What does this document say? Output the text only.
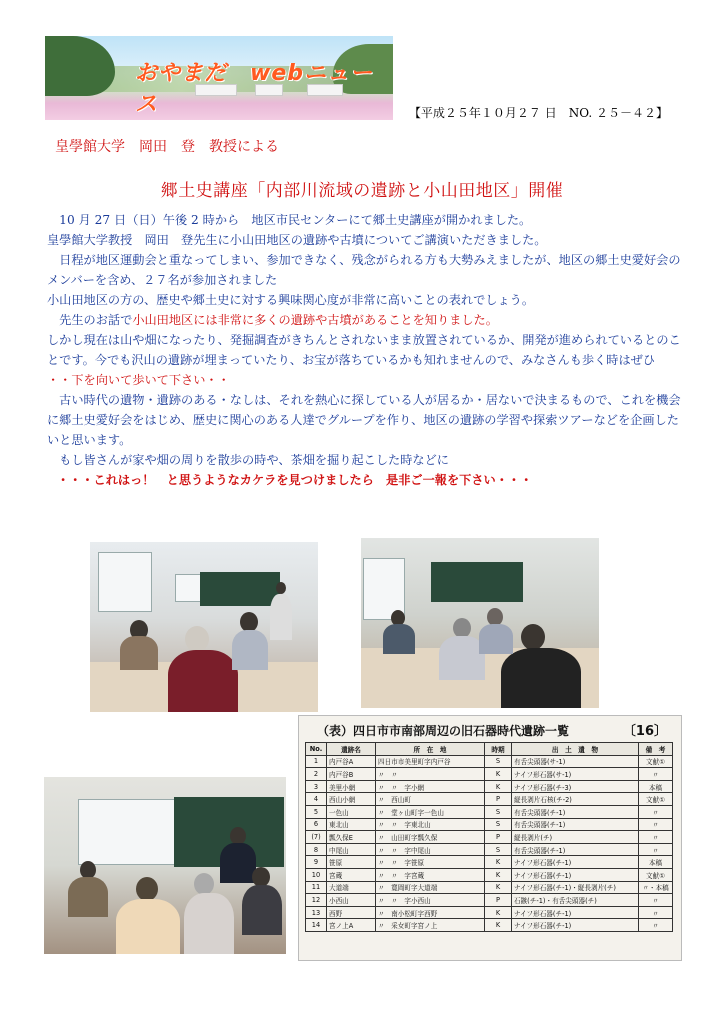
おやまだ　webニュース	【平成２５年１０月２７ 日　NO. ２５－４２】
皇學館大学　岡田　登　教授による
郷土史講座「内部川流域の遺跡と小山田地区」開催

　10 月 27 日（日）午後 2 時から　地区市民センターにて郷土史講座が開かれました。

皇學館大学教授　岡田　登先生に小山田地区の遺跡や古墳についてご講演いただきました。

　日程が地区運動会と重なってしまい、参加できなく、残念がられる方も大勢みえましたが、地区の郷土史愛好会のメンバーを含め、２７名が参加されました

小山田地区の方の、歴史や郷土史に対する興味関心度が非常に高いことの表れでしょう。

　先生のお話で小山田地区には非常に多くの遺跡や古墳があることを知りました。

しかし現在は山や畑になったり、発掘調査がきちんとされないまま放置されているか、開発が進められているとのことです。今でも沢山の遺跡が埋まっていたり、お宝が落ちているかも知れませんので、みなさんも歩く時はぜひ　・・下を向いて歩いて下さい・・

　古い時代の遺物・遺跡のある・なしは、それを熱心に探している人が居るか・居ないで決まるもので、これを機会に郷土史愛好会をはじめ、歴史に関心のある人達でグループを作り、地区の遺跡の学習や探索ツアーなどを企画したいと思います。

　もし皆さんが家や畑の周りを散歩の時や、茶畑を掘り起こした時などに

・・・これはっ！　と思うようなカケラを見つけましたら　是非ご一報を下さい・・・

（表）四日市市南部周辺の旧石器時代遺跡一覧	〔16〕
No.	遺跡名	所　在　地	時期	出　土　遺　物	備　考
1	内戸谷A	四日市市美里町字内戸谷	S	有舌尖頭器(サ-1)	文献①
2	内戸谷B	〃　〃	K	ナイフ形石器(サ-1)	〃
3	美里小網	〃　〃　字小網	K	ナイフ形石器(チ-3)	本稿
4	西山小網	〃　西山町	P	縦長剥片石核(チ-2)	文献①
5	一色山	〃　堂ヶ山町字一色山	S	有舌尖頭器(チ-1)	〃
6	東北山	〃　〃　字東北山	S	有舌尖頭器(チ-1)	〃
(7)	瓢久保E	〃　山田町字瓢久保	P	縦長剥片(チ)	〃
8	中尾山	〃　〃　字中尾山	S	有舌尖頭器(チ-1)	〃
9	笹原	〃　〃　字笹原	K	ナイフ形石器(チ-1)	本稿
10	宮蔵	〃　〃　字宮蔵	K	ナイフ形石器(チ-1)	文献①
11	大道端	〃　寛岡町字大道端	K	ナイフ形石器(チ-1)・縦長剥片(チ)	〃・本稿
12	小西山	〃　〃　字小西山	P	石鏃(チ-1)・有舌尖頭器(チ)	〃
13	西野	〃　南小松町字西野	K	ナイフ形石器(チ-1)	〃
14	宮ノ上A	〃　采女町字宮ノ上	K	ナイフ形石器(チ-1)	〃
